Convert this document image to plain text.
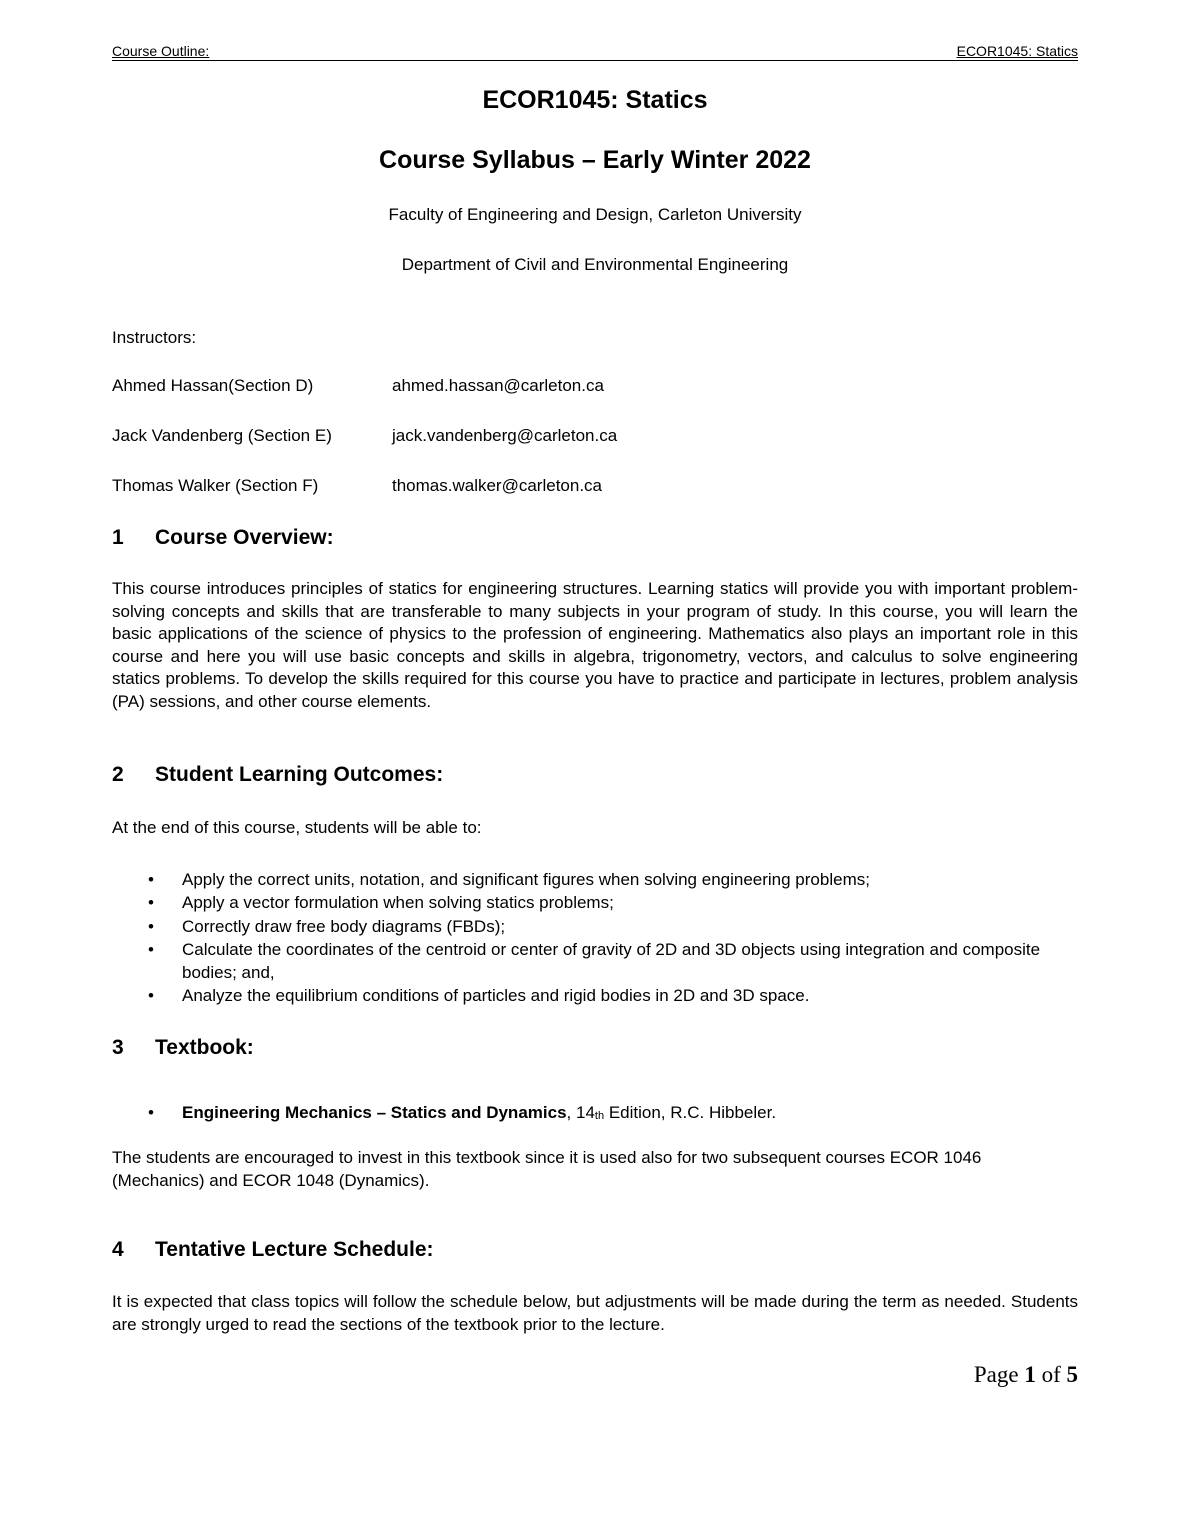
Course Outline:	ECOR1045: Statics
ECOR1045: Statics
Course Syllabus – Early Winter 2022

Faculty of Engineering and Design, Carleton University

Department of Civil and Environmental Engineering

Instructors:

Ahmed Hassan(Section D)	ahmed.hassan@carleton.ca
Jack Vandenberg (Section E)	jack.vandenberg@carleton.ca
Thomas Walker (Section F)	thomas.walker@carleton.ca
1	Course Overview:

This course introduces principles of statics for engineering structures. Learning statics will provide you with important problem-solving concepts and skills that are transferable to many subjects in your program of study. In this course, you will learn the basic applications of the science of physics to the profession of engineering. Mathematics also plays an important role in this course and here you will use basic concepts and skills in algebra, trigonometry, vectors, and calculus to solve engineering statics problems. To develop the skills required for this course you have to practice and participate in lectures, problem analysis (PA) sessions, and other course elements.

2	Student Learning Outcomes:

At the end of this course, students will be able to:

• Apply the correct units, notation, and significant figures when solving engineering problems;
• Apply a vector formulation when solving statics problems;
• Correctly draw free body diagrams (FBDs);
• Calculate the coordinates of the centroid or center of gravity of 2D and 3D objects using integration and composite bodies; and,
• Analyze the equilibrium conditions of particles and rigid bodies in 2D and 3D space.
3	Textbook:
• Engineering Mechanics – Statics and Dynamics, $14_{th}$ Edition, R.C. Hibbeler.

The students are encouraged to invest in this textbook since it is used also for two subsequent courses ECOR 1046 (Mechanics) and ECOR 1048 (Dynamics).

4	Tentative Lecture Schedule:

It is expected that class topics will follow the schedule below, but adjustments will be made during the term as needed. Students are strongly urged to read the sections of the textbook prior to the lecture.

Page 1 of 5
